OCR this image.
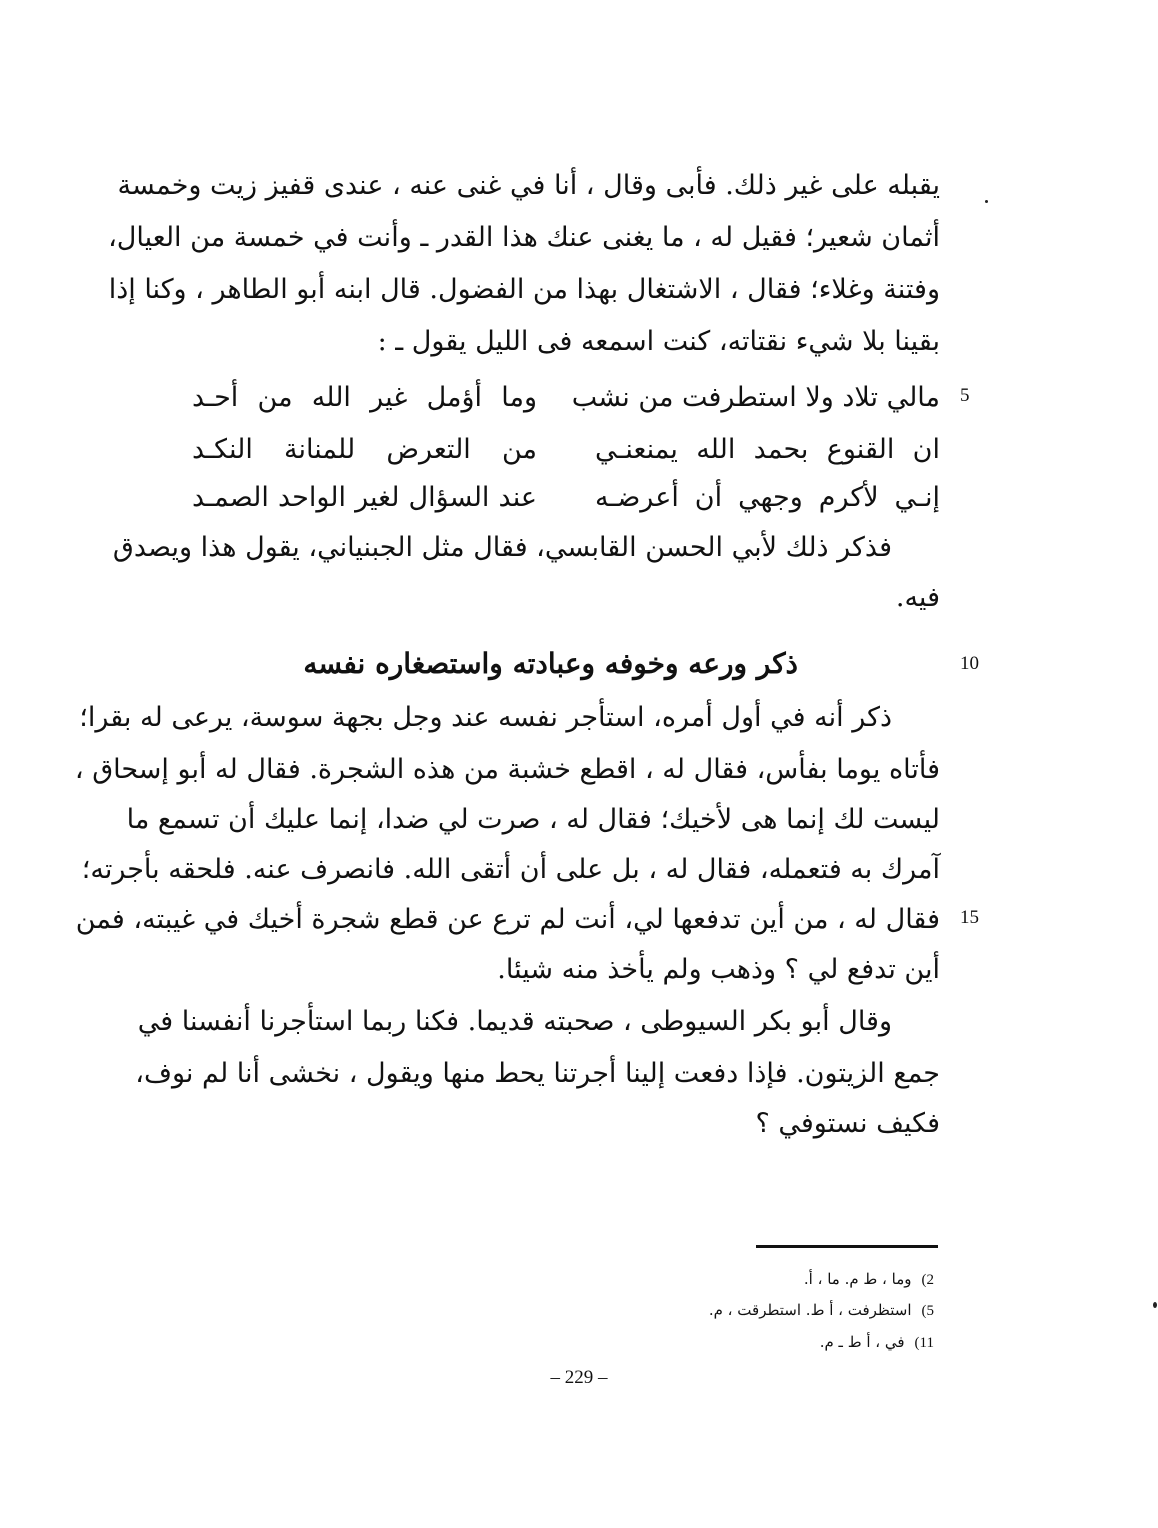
يقبله على غير ذلك. فأبى وقال ، أنا في غنى عنه ، عندى قفيز زيت وخمسة
أثمان شعير؛ فقيل له ، ما يغنى عنك هذا القدر ـ وأنت في خمسة من العيال،
وفتنة وغلاء؛ فقال ، الاشتغال بهذا من الفضول. قال ابنه أبو الطاهر ، وكنا إذا
بقينا بلا شيء نقتاته، كنت اسمعه فى الليل يقول ـ :
5
مالي تلاد ولا استطرفت من نشب
وما أؤمل غير الله من أحـد
ان القنوع بحمد الله يمنعنـي
من التعرض للمنانة النكـد
إنـي لأكرم وجهي أن أعرضـه
عند السؤال لغير الواحد الصمـد
فذكر ذلك لأبي الحسن القابسي، فقال مثل الجبنياني، يقول هذا ويصدق
فيه.
10
ذكر ورعه وخوفه وعبادته واستصغاره نفسه
ذكر أنه في أول أمره، استأجر نفسه عند وجل بجهة سوسة، يرعى له بقرا؛
فأتاه يوما بفأس، فقال له ، اقطع خشبة من هذه الشجرة. فقال له أبو إسحاق ،
ليست لك إنما هى لأخيك؛ فقال له ، صرت لي ضدا، إنما عليك أن تسمع ما
آمرك به فتعمله، فقال له ، بل على أن أتقى الله. فانصرف عنه. فلحقه بأجرته؛
15
فقال له ، من أين تدفعها لي، أنت لم ترع عن قطع شجرة أخيك في غيبته، فمن
أين تدفع لي ؟ وذهب ولم يأخذ منه شيئا.
وقال أبو بكر السيوطى ، صحبته قديما. فكنا ربما استأجرنا أنفسنا في
جمع الزيتون. فإذا دفعت إلينا أجرتنا يحط منها ويقول ، نخشى أنا لم نوف،
فكيف نستوفي ؟
2)وما ، ط م. ما ، أ.
5)استظرفت ، أ ط. استطرقت ، م.
11)في ، أ ط ـ م.
– 229 –
